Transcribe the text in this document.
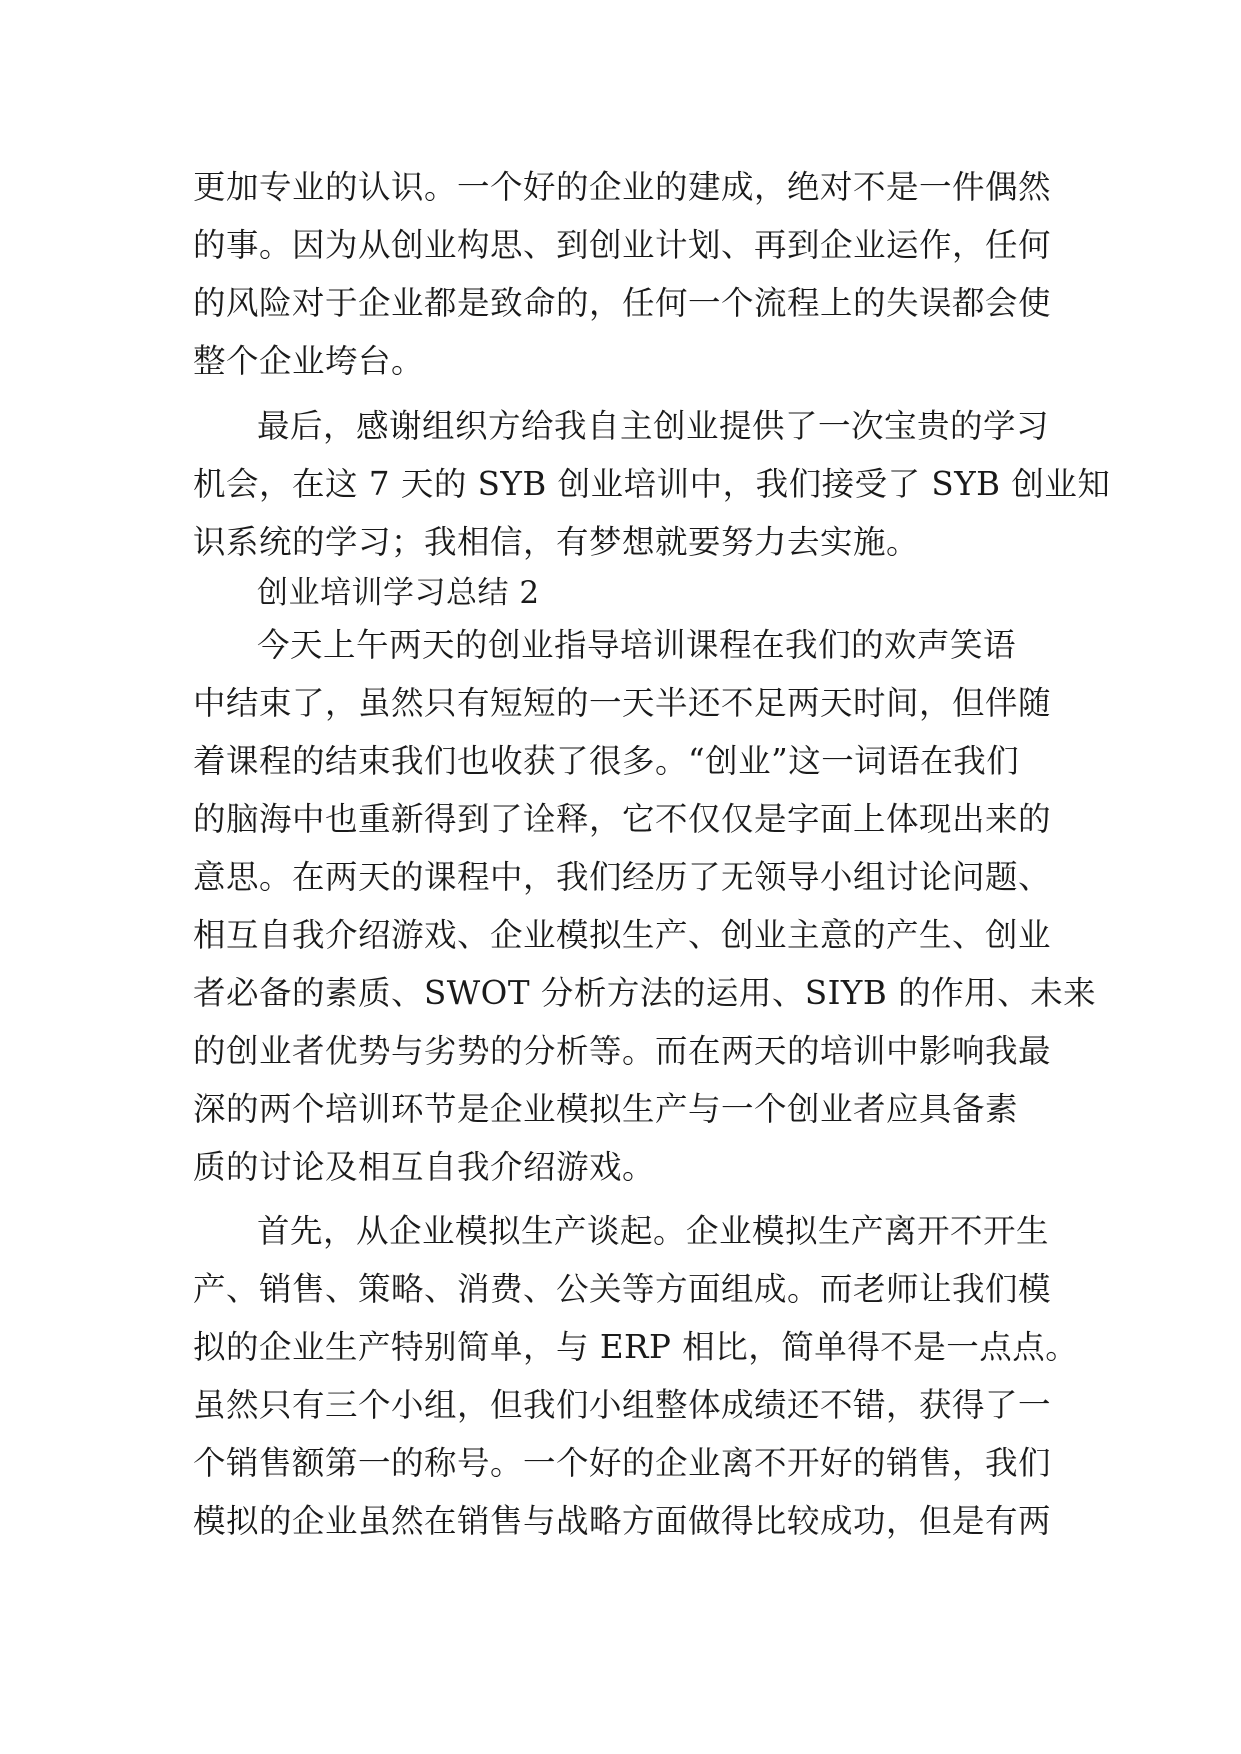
更加专业的认识。一个好的企业的建成，绝对不是一件偶然
的事。因为从创业构思、到创业计划、再到企业运作，任何
的风险对于企业都是致命的，任何一个流程上的失误都会使
整个企业垮台。
最后，感谢组织方给我自主创业提供了一次宝贵的学习
机会，在这 7 天的 SYB 创业培训中，我们接受了 SYB 创业知
识系统的学习；我相信，有梦想就要努力去实施。
创业培训学习总结 2
今天上午两天的创业指导培训课程在我们的欢声笑语
中结束了，虽然只有短短的一天半还不足两天时间，但伴随
着课程的结束我们也收获了很多。“创业”这一词语在我们
的脑海中也重新得到了诠释，它不仅仅是字面上体现出来的
意思。在两天的课程中，我们经历了无领导小组讨论问题、
相互自我介绍游戏、企业模拟生产、创业主意的产生、创业
者必备的素质、SWOT 分析方法的运用、SIYB 的作用、未来
的创业者优势与劣势的分析等。而在两天的培训中影响我最
深的两个培训环节是企业模拟生产与一个创业者应具备素
质的讨论及相互自我介绍游戏。
首先，从企业模拟生产谈起。企业模拟生产离开不开生
产、销售、策略、消费、公关等方面组成。而老师让我们模
拟的企业生产特别简单，与 ERP 相比，简单得不是一点点。
虽然只有三个小组，但我们小组整体成绩还不错，获得了一
个销售额第一的称号。一个好的企业离不开好的销售，我们
模拟的企业虽然在销售与战略方面做得比较成功，但是有两
